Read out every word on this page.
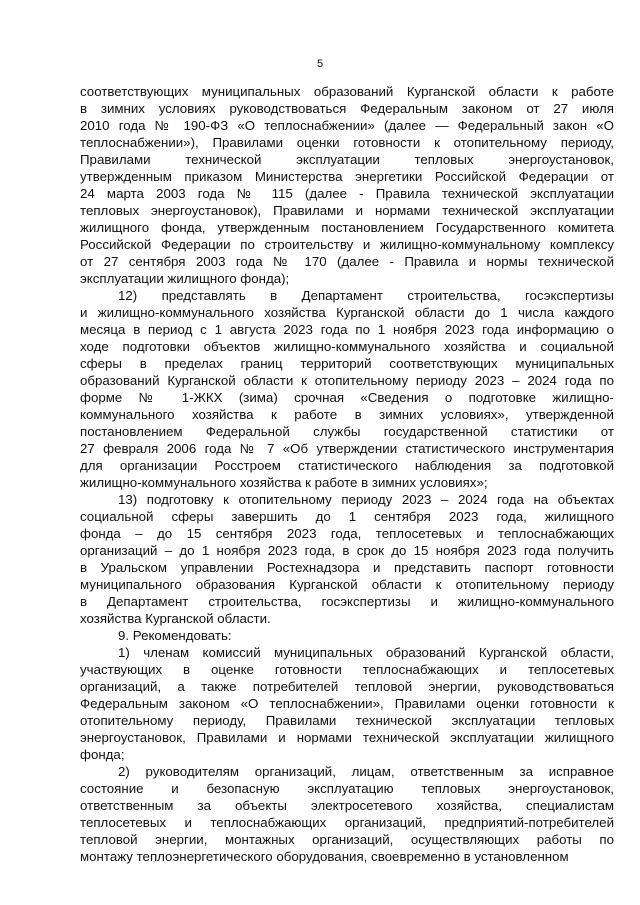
5
соответствующих муниципальных образований Курганской области к работе
в зимних условиях руководствоваться Федеральным законом от 27 июля
2010 года № 190-ФЗ «О теплоснабжении» (далее — Федеральный закон «О
теплоснабжении»), Правилами оценки готовности к отопительному периоду,
Правилами технической эксплуатации тепловых энергоустановок,
утвержденным приказом Министерства энергетики Российской Федерации от
24 марта 2003 года № 115 (далее - Правила технической эксплуатации
тепловых энергоустановок), Правилами и нормами технической эксплуатации
жилищного фонда, утвержденным постановлением Государственного комитета
Российской Федерации по строительству и жилищно-коммунальному комплексу
от 27 сентября 2003 года № 170 (далее - Правила и нормы технической
эксплуатации жилищного фонда);
12) представлять в Департамент строительства, госэкспертизы
и жилищно-коммунального хозяйства Курганской области до 1 числа каждого
месяца в период с 1 августа 2023 года по 1 ноября 2023 года информацию о
ходе подготовки объектов жилищно-коммунального хозяйства и социальной
сферы в пределах границ территорий соответствующих муниципальных
образований Курганской области к отопительному периоду 2023 – 2024 года по
форме № 1-ЖКХ (зима) срочная «Сведения о подготовке жилищно-
коммунального хозяйства к работе в зимних условиях», утвержденной
постановлением Федеральной службы государственной статистики от
27 февраля 2006 года № 7 «Об утверждении статистического инструментария
для организации Росстроем статистического наблюдения за подготовкой
жилищно-коммунального хозяйства к работе в зимних условиях»;
13) подготовку к отопительному периоду 2023 – 2024 года на объектах
социальной сферы завершить до 1 сентября 2023 года, жилищного
фонда – до 15 сентября 2023 года, теплосетевых и теплоснабжающих
организаций – до 1 ноября 2023 года, в срок до 15 ноября 2023 года получить
в Уральском управлении Ростехнадзора и представить паспорт готовности
муниципального образования Курганской области к отопительному периоду
в Департамент строительства, госэкспертизы и жилищно-коммунального
хозяйства Курганской области.
9. Рекомендовать:
1) членам комиссий муниципальных образований Курганской области,
участвующих в оценке готовности теплоснабжающих и теплосетевых
организаций, а также потребителей тепловой энергии, руководствоваться
Федеральным законом «О теплоснабжении», Правилами оценки готовности к
отопительному периоду, Правилами технической эксплуатации тепловых
энергоустановок, Правилами и нормами технической эксплуатации жилищного
фонда;
2) руководителям организаций, лицам, ответственным за исправное
состояние и безопасную эксплуатацию тепловых энергоустановок,
ответственным за объекты электросетевого хозяйства, специалистам
теплосетевых и теплоснабжающих организаций, предприятий-потребителей
тепловой энергии, монтажных организаций, осуществляющих работы по
монтажу теплоэнергетического оборудования, своевременно в установленном
